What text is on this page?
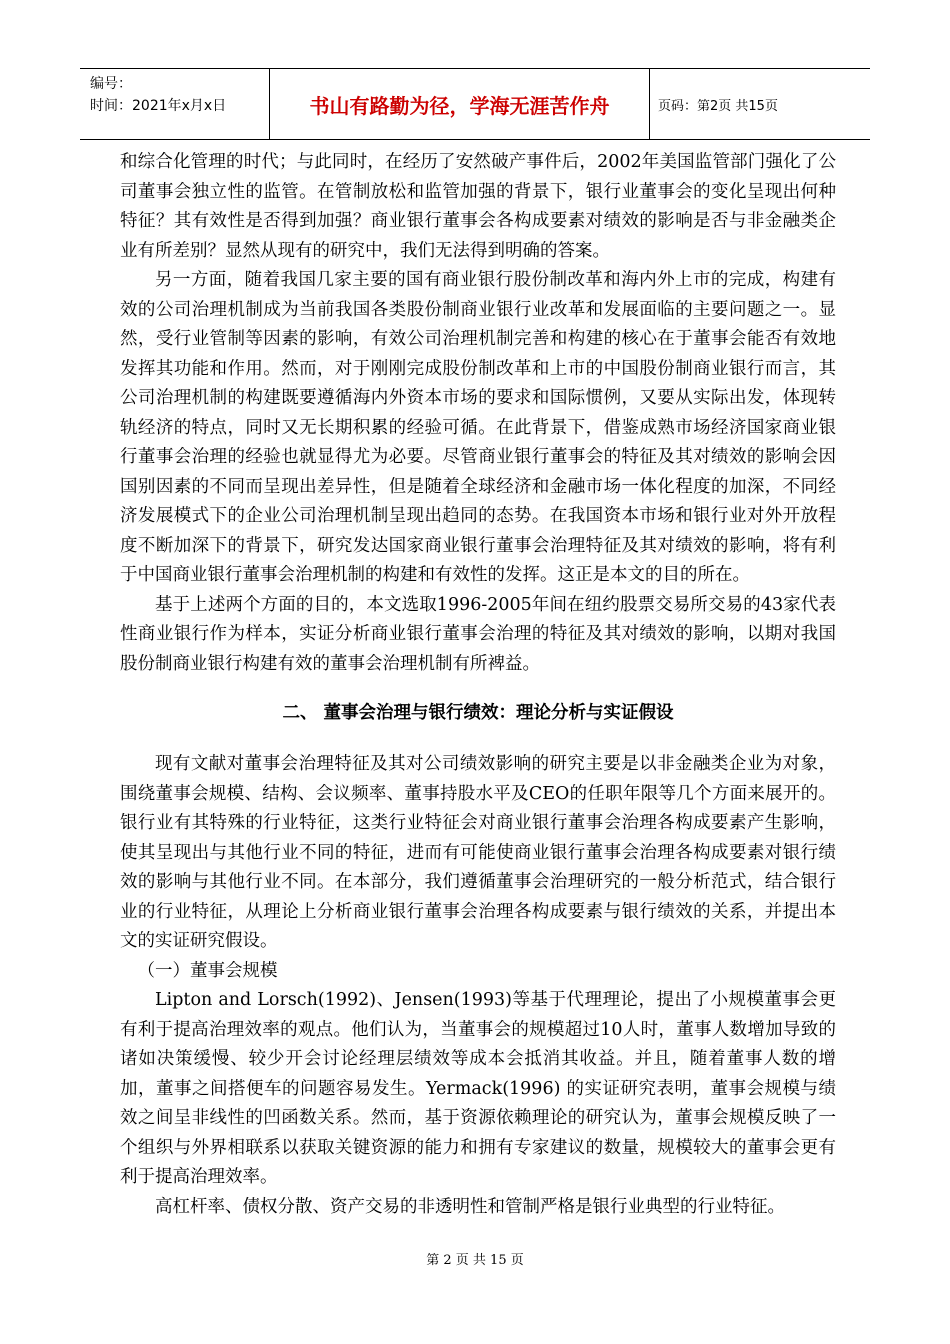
编号：
时间：2021年x月x日	书山有路勤为径，学海无涯苦作舟	页码：第2页 共15页

和综合化管理的时代；与此同时，在经历了安然破产事件后，2002年美国监管部门强化了公司董事会独立性的监管。在管制放松和监管加强的背景下，银行业董事会的变化呈现出何种特征？其有效性是否得到加强？商业银行董事会各构成要素对绩效的影响是否与非金融类企业有所差别？显然从现有的研究中，我们无法得到明确的答案。

另一方面，随着我国几家主要的国有商业银行股份制改革和海内外上市的完成，构建有效的公司治理机制成为当前我国各类股份制商业银行业改革和发展面临的主要问题之一。显然，受行业管制等因素的影响，有效公司治理机制完善和构建的核心在于董事会能否有效地发挥其功能和作用。然而，对于刚刚完成股份制改革和上市的中国股份制商业银行而言，其公司治理机制的构建既要遵循海内外资本市场的要求和国际惯例，又要从实际出发，体现转轨经济的特点，同时又无长期积累的经验可循。在此背景下，借鉴成熟市场经济国家商业银行董事会治理的经验也就显得尤为必要。尽管商业银行董事会的特征及其对绩效的影响会因国别因素的不同而呈现出差异性，但是随着全球经济和金融市场一体化程度的加深，不同经济发展模式下的企业公司治理机制呈现出趋同的态势。在我国资本市场和银行业对外开放程度不断加深下的背景下，研究发达国家商业银行董事会治理特征及其对绩效的影响，将有利于中国商业银行董事会治理机制的构建和有效性的发挥。这正是本文的目的所在。

基于上述两个方面的目的，本文选取1996-2005年间在纽约股票交易所交易的43家代表性商业银行作为样本，实证分析商业银行董事会治理的特征及其对绩效的影响，以期对我国股份制商业银行构建有效的董事会治理机制有所裨益。

二、 董事会治理与银行绩效：理论分析与实证假设

现有文献对董事会治理特征及其对公司绩效影响的研究主要是以非金融类企业为对象，围绕董事会规模、结构、会议频率、董事持股水平及CEO的任职年限等几个方面来展开的。银行业有其特殊的行业特征，这类行业特征会对商业银行董事会治理各构成要素产生影响，使其呈现出与其他行业不同的特征，进而有可能使商业银行董事会治理各构成要素对银行绩效的影响与其他行业不同。在本部分，我们遵循董事会治理研究的一般分析范式，结合银行业的行业特征，从理论上分析商业银行董事会治理各构成要素与银行绩效的关系，并提出本文的实证研究假设。

（一）董事会规模

Lipton and Lorsch(1992)、Jensen(1993)等基于代理理论，提出了小规模董事会更有利于提高治理效率的观点。他们认为，当董事会的规模超过10人时，董事人数增加导致的诸如决策缓慢、较少开会讨论经理层绩效等成本会抵消其收益。并且，随着董事人数的增加，董事之间搭便车的问题容易发生。Yermack(1996) 的实证研究表明，董事会规模与绩效之间呈非线性的凹函数关系。然而，基于资源依赖理论的研究认为，董事会规模反映了一个组织与外界相联系以获取关键资源的能力和拥有专家建议的数量，规模较大的董事会更有利于提高治理效率。

高杠杆率、债权分散、资产交易的非透明性和管制严格是银行业典型的行业特征。

第 2 页 共 15 页
